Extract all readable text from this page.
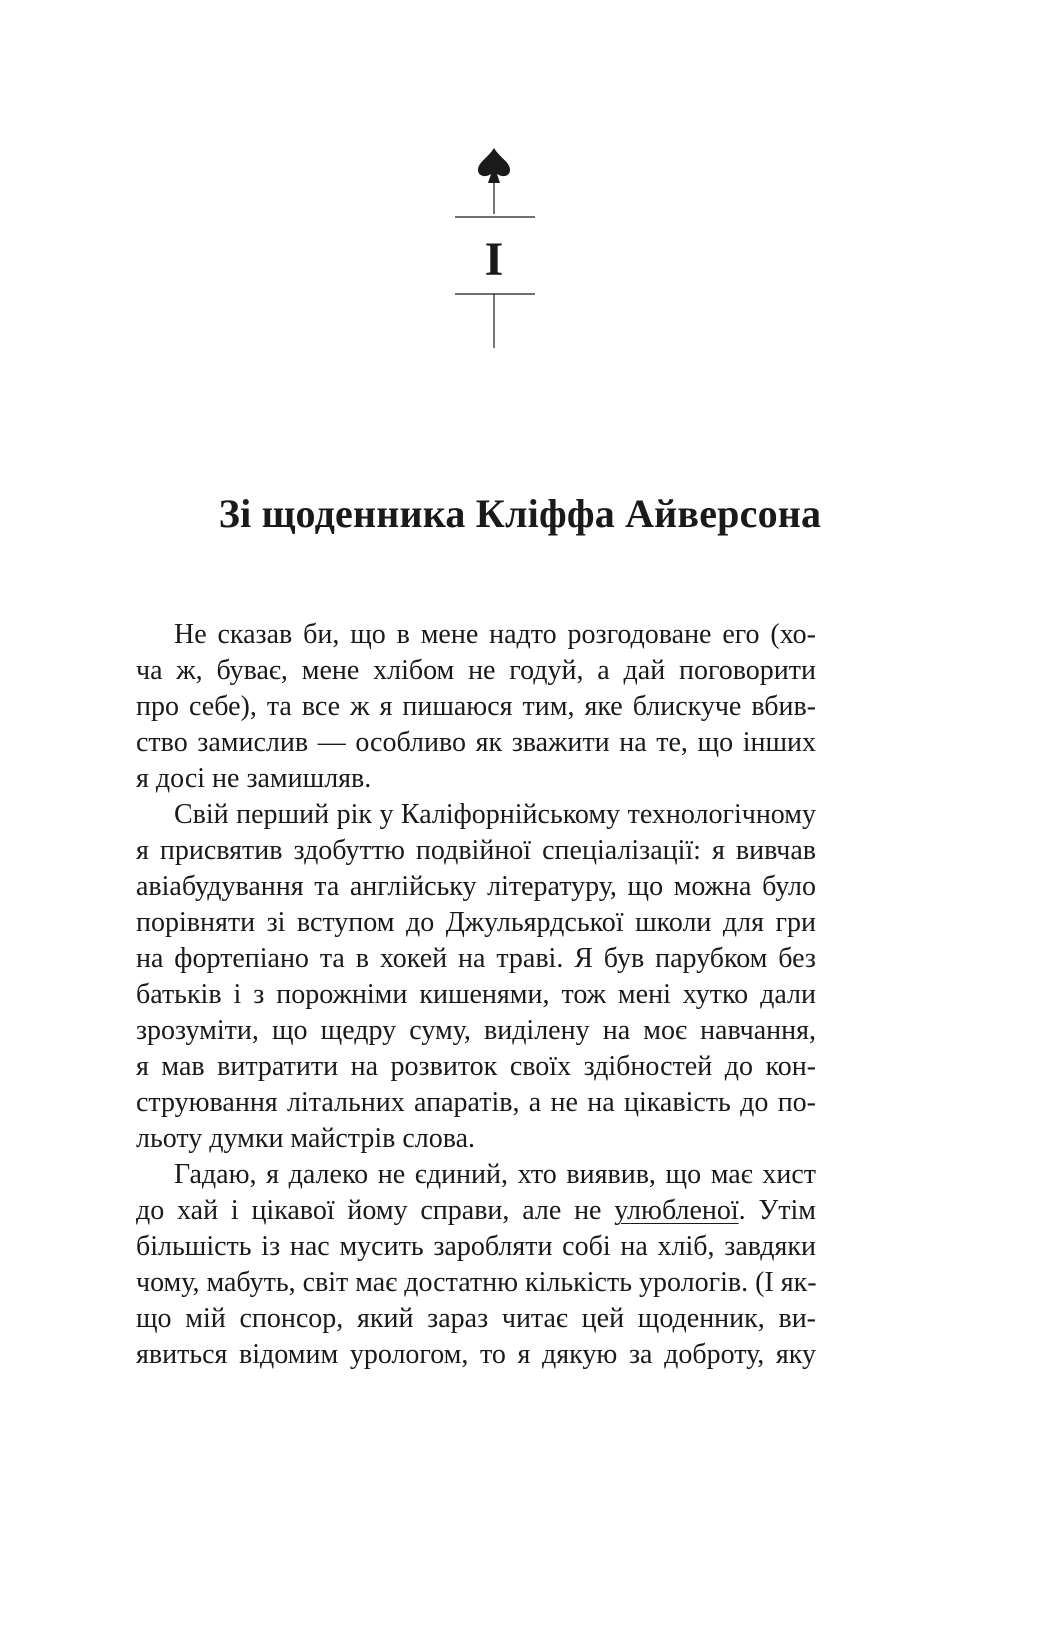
I
Зі щоденника Кліффа Айверсона
Не сказав би, що в мене надто розгодоване его (хо-
ча ж, буває, мене хлібом не годуй, а дай поговорити
про себе), та все ж я пишаюся тим, яке блискуче вбив-
ство замислив — особливо як зважити на те, що інших
я досі не замишляв.
Свій перший рік у Каліфорнійському технологічному
я присвятив здобуттю подвійної спеціалізації: я вивчав
авіабудування та англійську літературу, що можна було
порівняти зі вступом до Джульярдської школи для гри
на фортепіано та в хокей на траві. Я був парубком без
батьків і з порожніми кишенями, тож мені хутко дали
зрозуміти, що щедру суму, виділену на моє навчання,
я мав витратити на розвиток своїх здібностей до кон-
струювання літальних апаратів, а не на цікавість до по-
льоту думки майстрів слова.
Гадаю, я далеко не єдиний, хто виявив, що має хист
до хай і цікавої йому справи, але не улюбленої. Утім
більшість із нас мусить заробляти собі на хліб, завдяки
чому, мабуть, світ має достатню кількість урологів. (І як-
що мій спонсор, який зараз читає цей щоденник, ви-
явиться відомим урологом, то я дякую за доброту, яку
